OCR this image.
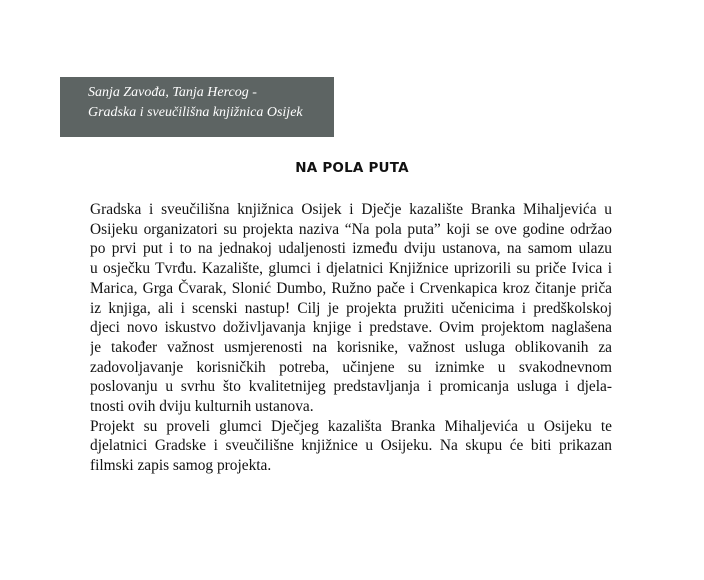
Sanja Zavođa, Tanja Hercog -
Gradska i sveučilišna knjižnica Osijek
NA POLA PUTA
Gradska i sveučilišna knjižnica Osijek i Dječje kazalište Branka Mihaljevića u
Osijeku organizatori su projekta naziva “Na pola puta” koji se ove godine održao
po prvi put i to na jednakoj udaljenosti između dviju ustanova, na samom ulazu
u osječku Tvrđu. Kazalište, glumci i djelatnici Knjižnice uprizorili su priče Ivica i
Marica, Grga Čvarak, Slonić Dumbo, Ružno pače i Crvenkapica kroz čitanje priča
iz knjiga, ali i scenski nastup! Cilj je projekta pružiti učenicima i predškolskoj
djeci novo iskustvo doživljavanja knjige i predstave. Ovim projektom naglašena
je također važnost usmjerenosti na korisnike, važnost usluga oblikovanih za
zadovoljavanje korisničkih potreba, učinjene su iznimke u svakodnevnom
poslovanju u svrhu što kvalitetnijeg predstavljanja i promicanja usluga i djela-
tnosti ovih dviju kulturnih ustanova.
Projekt su proveli glumci Dječjeg kazališta Branka Mihaljevića u Osijeku te
djelatnici Gradske i sveučilišne knjižnice u Osijeku. Na skupu će biti prikazan
filmski zapis samog projekta.
